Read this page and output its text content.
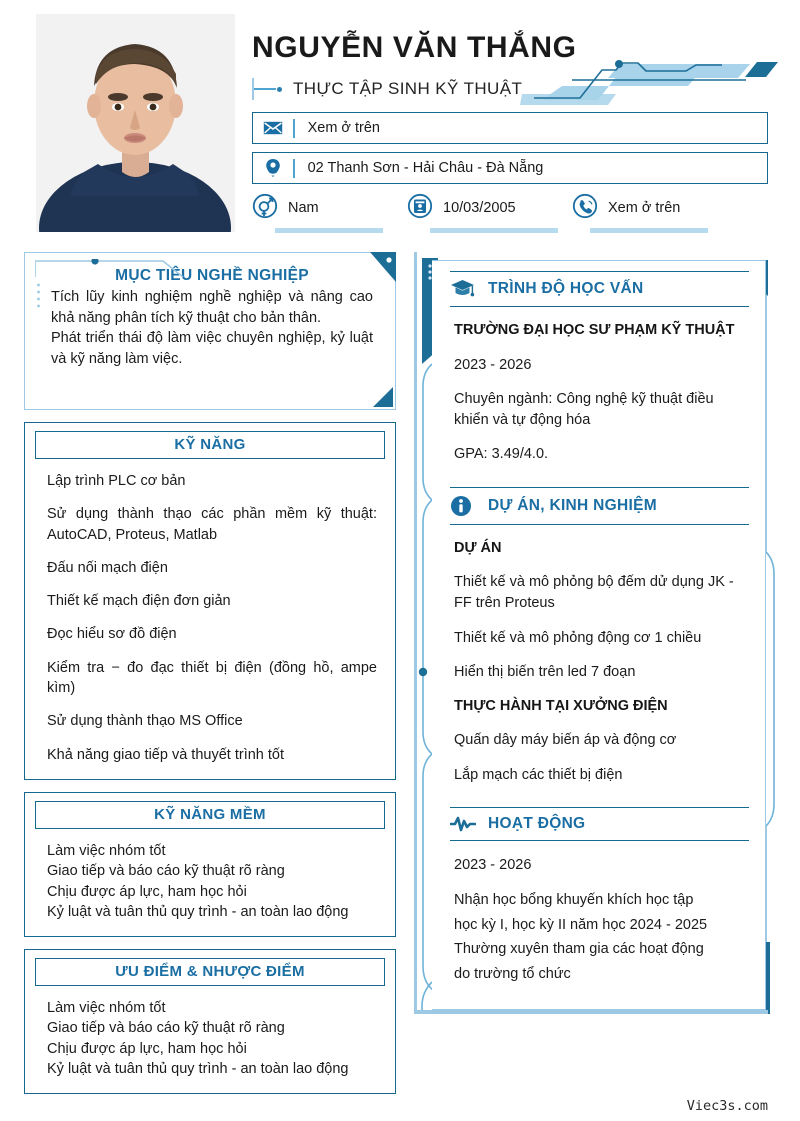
NGUYỄN VĂN THẮNG
THỰC TẬP SINH KỸ THUẬT
Xem ở trên
02 Thanh Sơn - Hải Châu - Đà Nẵng
Nam	10/03/2005	Xem ở trên
MỤC TIÊU NGHỀ NGHIỆP
Tích lũy kinh nghiệm nghề nghiệp và nâng cao khả năng phân tích kỹ thuật cho bản thân.
Phát triển thái độ làm việc chuyên nghiệp, kỷ luật và kỹ năng làm việc.
KỸ NĂNG
Lập trình PLC cơ bản
Sử dụng thành thạo các phần mềm kỹ thuật: AutoCAD, Proteus, Matlab
Đấu nối mạch điện
Thiết kế mạch điện đơn giản
Đọc hiểu sơ đồ điện
Kiểm tra − đo đạc thiết bị điện (đồng hồ, ampe kìm)
Sử dụng thành thạo MS Office
Khả năng giao tiếp và thuyết trình tốt
KỸ NĂNG MỀM
Làm việc nhóm tốt
Giao tiếp và báo cáo kỹ thuật rõ ràng
Chịu được áp lực, ham học hỏi
Kỷ luật và tuân thủ quy trình - an toàn lao động
ƯU ĐIỂM & NHƯỢC ĐIỂM
Làm việc nhóm tốt
Giao tiếp và báo cáo kỹ thuật rõ ràng
Chịu được áp lực, ham học hỏi
Kỷ luật và tuân thủ quy trình - an toàn lao động
TRÌNH ĐỘ HỌC VẤN
TRƯỜNG ĐẠI HỌC SƯ PHẠM KỸ THUẬT
2023 - 2026
Chuyên ngành: Công nghệ kỹ thuật điều khiển và tự động hóa
GPA: 3.49/4.0.
DỰ ÁN, KINH NGHIỆM
DỰ ÁN
Thiết kế và mô phỏng bộ đếm dử dụng JK - FF trên Proteus
Thiết kế và mô phỏng động cơ 1 chiều
Hiển thị biến trên led 7 đoạn
THỰC HÀNH TẠI XƯỞNG ĐIỆN
Quấn dây máy biến áp và động cơ
Lắp mạch các thiết bị điện
HOẠT ĐỘNG
2023 - 2026
Nhận học bổng khuyến khích học tập
học kỳ I, học kỳ II năm học 2024 - 2025
Thường xuyên tham gia các hoạt động
do trường tổ chức
Viec3s.com
